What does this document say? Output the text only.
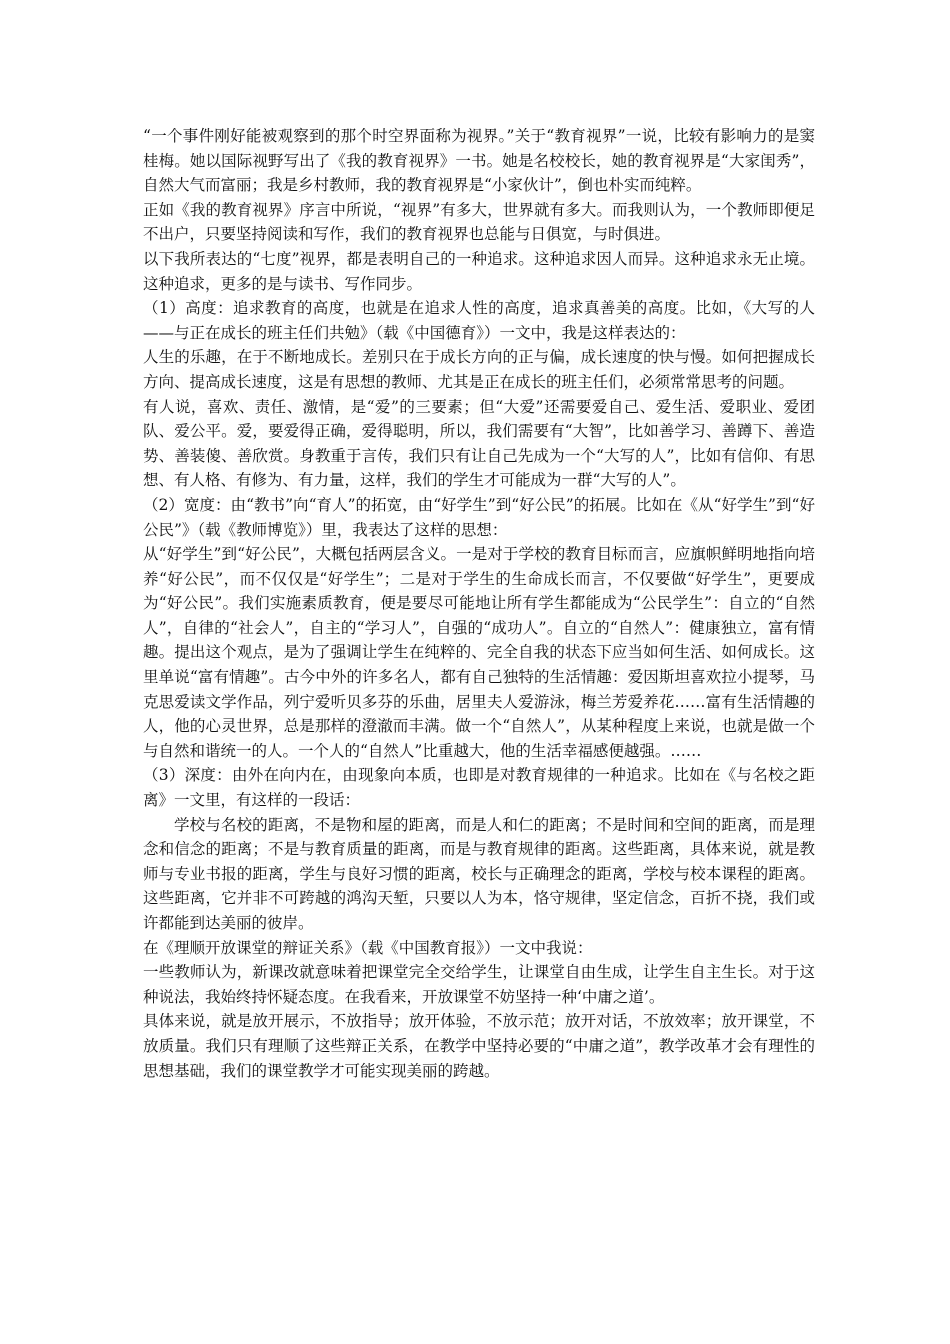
“一个事件刚好能被观察到的那个时空界面称为视界。”关于“教育视界”一说，比较有影响力的是窦桂梅。她以国际视野写出了《我的教育视界》一书。她是名校校长，她的教育视界是“大家闺秀”，自然大气而富丽；我是乡村教师，我的教育视界是“小家伙计”，倒也朴实而纯粹。

正如《我的教育视界》序言中所说，“视界”有多大，世界就有多大。而我则认为，一个教师即便足不出户，只要坚持阅读和写作，我们的教育视界也总能与日俱宽，与时俱进。

以下我所表达的“七度”视界，都是表明自己的一种追求。这种追求因人而异。这种追求永无止境。这种追求，更多的是与读书、写作同步。

（1）高度：追求教育的高度，也就是在追求人性的高度，追求真善美的高度。比如，《大写的人——与正在成长的班主任们共勉》（载《中国德育》）一文中，我是这样表达的：

人生的乐趣，在于不断地成长。差别只在于成长方向的正与偏，成长速度的快与慢。如何把握成长方向、提高成长速度，这是有思想的教师、尤其是正在成长的班主任们，必须常常思考的问题。

有人说，喜欢、责任、激情，是“爱”的三要素；但“大爱”还需要爱自己、爱生活、爱职业、爱团队、爱公平。爱，要爱得正确，爱得聪明，所以，我们需要有“大智”，比如善学习、善蹲下、善造势、善装傻、善欣赏。身教重于言传，我们只有让自己先成为一个“大写的人”，比如有信仰、有思想、有人格、有修为、有力量，这样，我们的学生才可能成为一群“大写的人”。

（2）宽度：由“教书”向“育人”的拓宽，由“好学生”到“好公民”的拓展。比如在《从“好学生”到“好公民”》（载《教师博览》）里，我表达了这样的思想：

从“好学生”到“好公民”，大概包括两层含义。一是对于学校的教育目标而言，应旗帜鲜明地指向培养“好公民”，而不仅仅是“好学生”；二是对于学生的生命成长而言，不仅要做“好学生”，更要成为“好公民”。我们实施素质教育，便是要尽可能地让所有学生都能成为“公民学生”：自立的“自然人”，自律的“社会人”，自主的“学习人”，自强的“成功人”。自立的“自然人”：健康独立，富有情趣。提出这个观点，是为了强调让学生在纯粹的、完全自我的状态下应当如何生活、如何成长。这里单说“富有情趣”。古今中外的许多名人，都有自己独特的生活情趣：爱因斯坦喜欢拉小提琴，马克思爱读文学作品，列宁爱听贝多芬的乐曲，居里夫人爱游泳，梅兰芳爱养花……富有生活情趣的人，他的心灵世界，总是那样的澄澈而丰满。做一个“自然人”，从某种程度上来说，也就是做一个与自然和谐统一的人。一个人的“自然人”比重越大，他的生活幸福感便越强。……

（3）深度：由外在向内在，由现象向本质，也即是对教育规律的一种追求。比如在《与名校之距离》一文里，有这样的一段话：

学校与名校的距离，不是物和屋的距离，而是人和仁的距离；不是时间和空间的距离，而是理念和信念的距离；不是与教育质量的距离，而是与教育规律的距离。这些距离，具体来说，就是教师与专业书报的距离，学生与良好习惯的距离，校长与正确理念的距离，学校与校本课程的距离。这些距离，它并非不可跨越的鸿沟天堑，只要以人为本，恪守规律，坚定信念，百折不挠，我们或许都能到达美丽的彼岸。

在《理顺开放课堂的辩证关系》（载《中国教育报》）一文中我说：

一些教师认为，新课改就意味着把课堂完全交给学生，让课堂自由生成，让学生自主生长。对于这种说法，我始终持怀疑态度。在我看来，开放课堂不妨坚持一种‘中庸之道’。

具体来说，就是放开展示，不放指导；放开体验，不放示范；放开对话，不放效率；放开课堂，不放质量。我们只有理顺了这些辩正关系，在教学中坚持必要的“中庸之道”，教学改革才会有理性的思想基础，我们的课堂教学才可能实现美丽的跨越。
